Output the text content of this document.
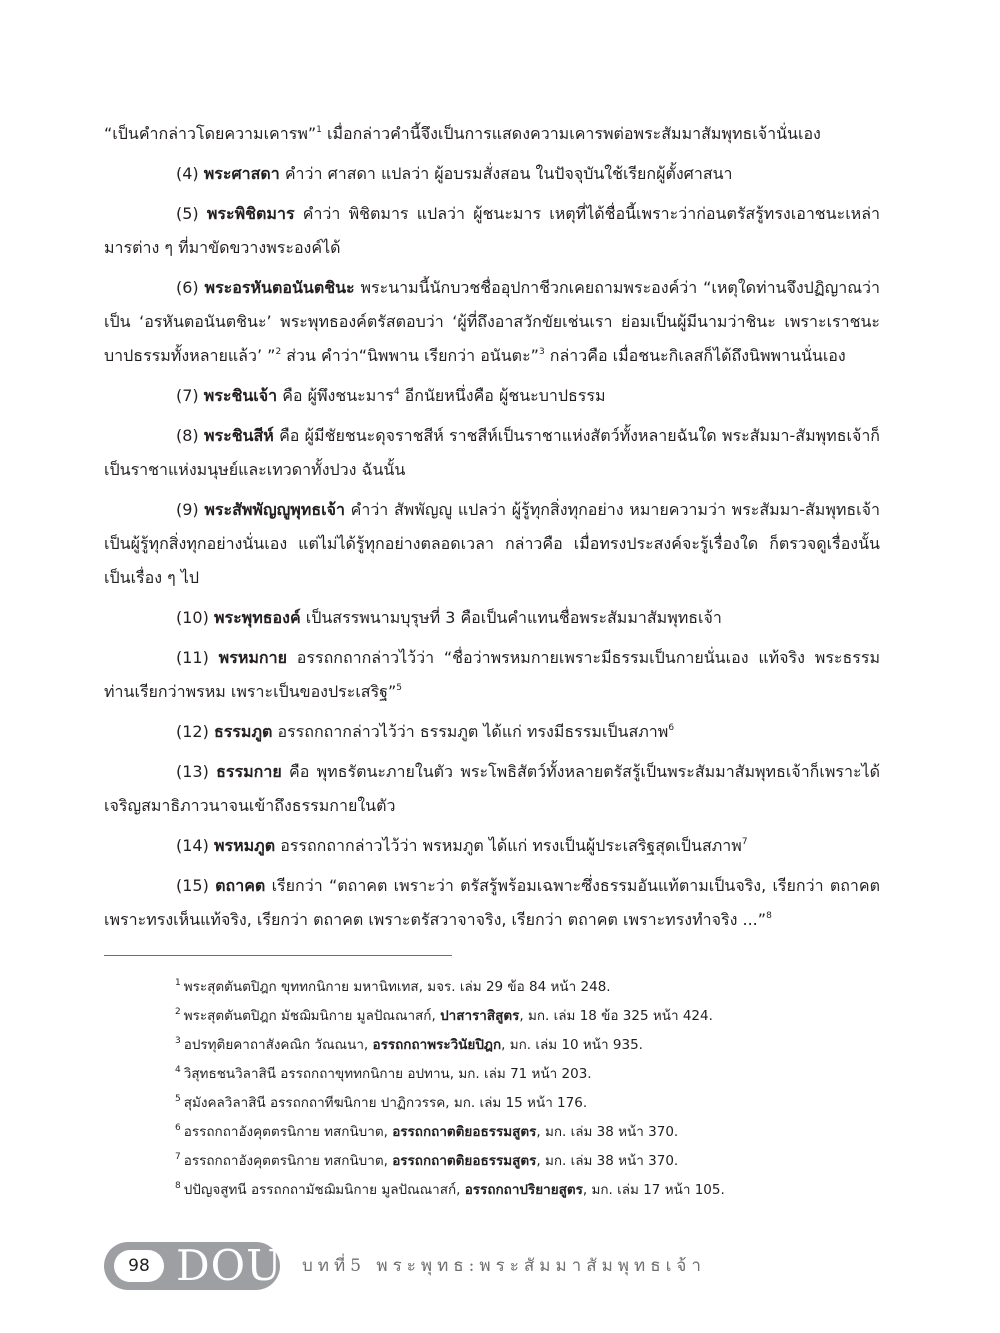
“เป็นคำกล่าวโดยความเคารพ”$^1$ เมื่อกล่าวคำนี้จึงเป็นการแสดงความเคารพต่อพระสัมมาสัมพุทธเจ้านั่นเอง

(4) พระศาสดา คำว่า ศาสดา แปลว่า ผู้อบรมสั่งสอน ในปัจจุบันใช้เรียกผู้ตั้งศาสนา

(5) พระพิชิตมาร คำว่า พิชิตมาร แปลว่า ผู้ชนะมาร เหตุที่ได้ชื่อนี้เพราะว่าก่อนตรัสรู้ทรงเอาชนะเหล่ามารต่าง ๆ ที่มาขัดขวางพระองค์ได้

(6) พระอรหันตอนันตชินะ พระนามนี้นักบวชชื่ออุปกาชีวกเคยถามพระองค์ว่า “เหตุใดท่านจึงปฏิญาณว่าเป็น ‘อรหันตอนันตชินะ’ พระพุทธองค์ตรัสตอบว่า ‘ผู้ที่ถึงอาสวักขัยเช่นเรา ย่อมเป็นผู้มีนามว่าชินะ เพราะเราชนะบาปธรรมทั้งหลายแล้ว’ ”$^2$ ส่วน คำว่า“นิพพาน เรียกว่า อนันตะ”$^3$ กล่าวคือ เมื่อชนะกิเลสก็ได้ถึงนิพพานนั่นเอง

(7) พระชินเจ้า คือ ผู้พึงชนะมาร$^4$ อีกนัยหนึ่งคือ ผู้ชนะบาปธรรม

(8) พระชินสีห์ คือ ผู้มีชัยชนะดุจราชสีห์ ราชสีห์เป็นราชาแห่งสัตว์ทั้งหลายฉันใด พระสัมมา-สัมพุทธเจ้าก็เป็นราชาแห่งมนุษย์และเทวดาทั้งปวง ฉันนั้น

(9) พระสัพพัญญูพุทธเจ้า คำว่า สัพพัญญู แปลว่า ผู้รู้ทุกสิ่งทุกอย่าง หมายความว่า พระสัมมา-สัมพุทธเจ้าเป็นผู้รู้ทุกสิ่งทุกอย่างนั่นเอง แต่ไม่ได้รู้ทุกอย่างตลอดเวลา กล่าวคือ เมื่อทรงประสงค์จะรู้เรื่องใด ก็ตรวจดูเรื่องนั้นเป็นเรื่อง ๆ ไป

(10) พระพุทธองค์ เป็นสรรพนามบุรุษที่ 3 คือเป็นคำแทนชื่อพระสัมมาสัมพุทธเจ้า

(11) พรหมกาย อรรถกถากล่าวไว้ว่า “ชื่อว่าพรหมกายเพราะมีธรรมเป็นกายนั่นเอง แท้จริง พระธรรมท่านเรียกว่าพรหม เพราะเป็นของประเสริฐ”$^5$

(12) ธรรมภูต อรรถกถากล่าวไว้ว่า ธรรมภูต ได้แก่ ทรงมีธรรมเป็นสภาพ$^6$

(13) ธรรมกาย คือ พุทธรัตนะภายในตัว พระโพธิสัตว์ทั้งหลายตรัสรู้เป็นพระสัมมาสัมพุทธเจ้าก็เพราะได้เจริญสมาธิภาวนาจนเข้าถึงธรรมกายในตัว

(14) พรหมภูต อรรถกถากล่าวไว้ว่า พรหมภูต ได้แก่ ทรงเป็นผู้ประเสริฐสุดเป็นสภาพ$^7$

(15) ตถาคต เรียกว่า “ตถาคต เพราะว่า ตรัสรู้พร้อมเฉพาะซึ่งธรรมอันแท้ตามเป็นจริง, เรียกว่า ตถาคต เพราะทรงเห็นแท้จริง, เรียกว่า ตถาคต เพราะตรัสวาจาจริง, เรียกว่า ตถาคต เพราะทรงทำจริง ...”$^8$

$^1$ พระสุตตันตปิฎก ขุททกนิกาย มหานิทเทส, มจร. เล่ม 29 ข้อ 84 หน้า 248.
$^2$ พระสุตตันตปิฎก มัชฌิมนิกาย มูลปัณณาสก์, ปาสาราสิสูตร, มก. เล่ม 18 ข้อ 325 หน้า 424.
$^3$ อปรทุติยคาถาสังคณิก วัณณนา, อรรถกถาพระวินัยปิฎก, มก. เล่ม 10 หน้า 935.
$^4$ วิสุทธชนวิลาสินี อรรถกถาขุททกนิกาย อปทาน, มก. เล่ม 71 หน้า 203.
$^5$ สุมังคลวิลาสินี อรรถกถาทีฆนิกาย ปาฏิกวรรค, มก. เล่ม 15 หน้า 176.
$^6$ อรรถกถาอังคุตตรนิกาย ทสกนิบาต, อรรถกถาตติยอธรรมสูตร, มก. เล่ม 38 หน้า 370.
$^7$ อรรถกถาอังคุตตรนิกาย ทสกนิบาต, อรรถกถาตติยอธรรมสูตร, มก. เล่ม 38 หน้า 370.
$^8$ ปปัญจสูทนี อรรถกถามัชฌิมนิกาย มูลปัณณาสก์, อรรถกถาปริยายสูตร, มก. เล่ม 17 หน้า 105.
98 DOU บทที่5 พระพุทธ:พระสัมมาสัมพุทธเจ้า
